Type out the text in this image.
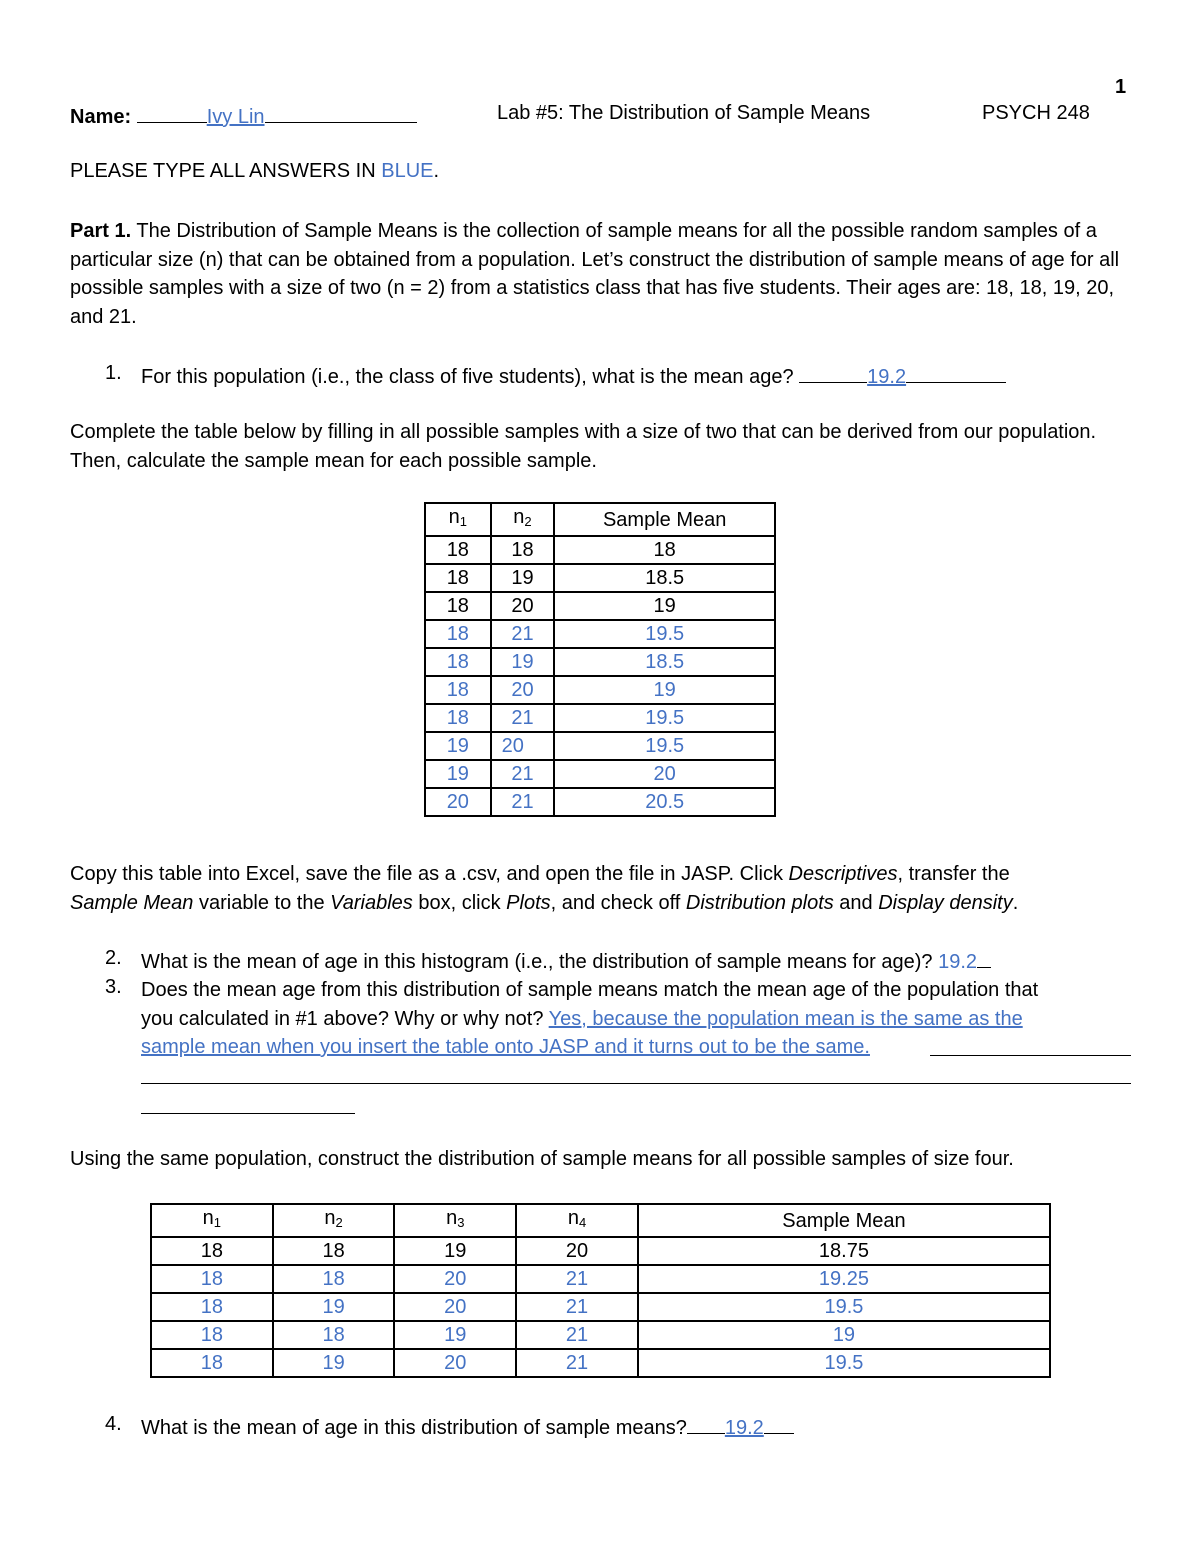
1
Name:	Ivy Lin	Lab #5: The Distribution of Sample Means	PSYCH 248
PLEASE TYPE ALL ANSWERS IN BLUE.

Part 1. The Distribution of Sample Means is the collection of sample means for all the possible random samples of a particular size (n) that can be obtained from a population. Let’s construct the distribution of sample means of age for all possible samples with a size of two (n = 2) from a statistics class that has five students. Their ages are: 18, 18, 19, 20, and 21.

1. For this population (i.e., the class of five students), what is the mean age?	19.2

Complete the table below by filling in all possible samples with a size of two that can be derived from our population. Then, calculate the sample mean for each possible sample.

$n_1$	$n_2$	Sample Mean
18	18	18
18	19	18.5
18	20	19
18	21	19.5
18	19	18.5
18	20	19
18	21	19.5
19	20	19.5
19	21	20
20	21	20.5

Copy this table into Excel, save the file as a .csv, and open the file in JASP. Click Descriptives, transfer the
Sample Mean variable to the Variables box, click Plots, and check off Distribution plots and Display density.

2. What is the mean of age in this histogram (i.e., the distribution of sample means for age)? 19.2
3. Does the mean age from this distribution of sample means match the mean age of the population that

you calculated in #1 above? Why or why not? Yes, because the population mean is the same as the

sample mean when you insert the table onto JASP and it turns out to be the same.

Using the same population, construct the distribution of sample means for all possible samples of size four.
$n_1$	$n_2$	$n_3$	$n_4$	Sample Mean
18	18	19	20	18.75
18	18	20	21	19.25
18	19	20	21	19.5
18	18	19	21	19
18	19	20	21	19.5
4. What is the mean of age in this distribution of sample means? 19.2
